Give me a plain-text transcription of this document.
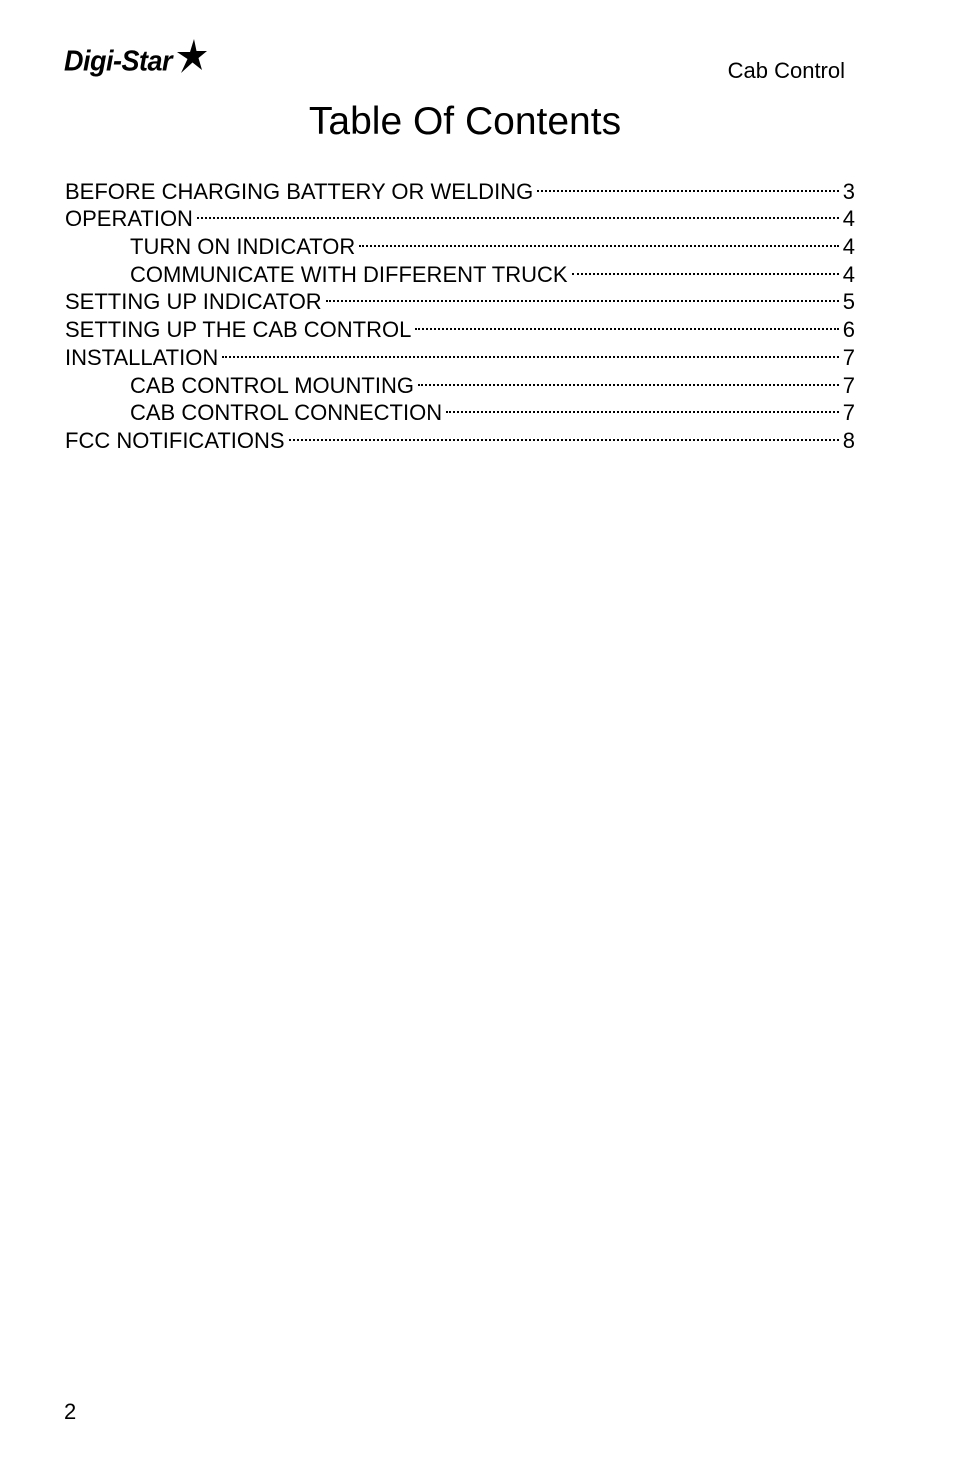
Digi-Star	Cab Control
Table Of Contents
BEFORE CHARGING BATTERY OR WELDING	3
OPERATION	4
TURN ON INDICATOR	4
COMMUNICATE WITH DIFFERENT TRUCK	4
SETTING UP INDICATOR	5
SETTING UP THE CAB CONTROL	6
INSTALLATION	7
CAB CONTROL MOUNTING	7
CAB CONTROL CONNECTION	7
FCC NOTIFICATIONS	8
2
